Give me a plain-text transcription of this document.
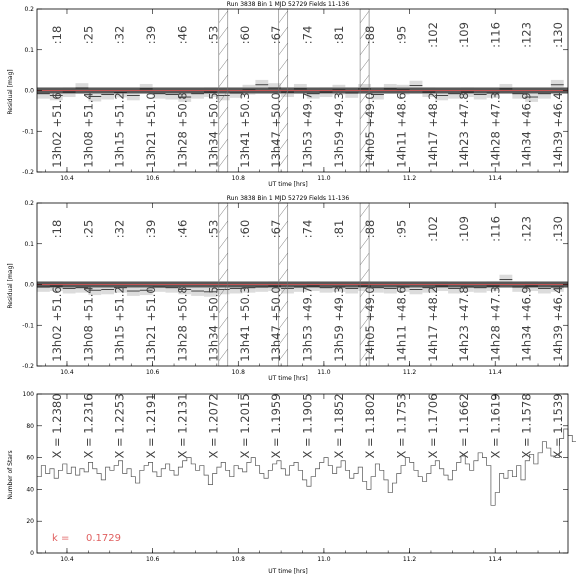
Run 3838 Bin 1 MJD 52729 Fields 11-136
UT time [hrs]
Residual [mag]
:18
13h02 +51.6
:25
13h08 +51.4
:32
13h15 +51.2
:39
13h21 +51.0
:46
13h28 +50.8
:53
13h34 +50.5
:60
13h41 +50.3
:67
13h47 +50.0
:74
13h53 +49.7
:81
13h59 +49.3
:88
14h05 +49.0
:95
14h11 +48.6
:102
14h17 +48.2
:109
14h23 +47.8
:116
14h28 +47.3
:123
14h34 +46.9
:130
14h39 +46.4
10.4	10.6	10.8	11.0	11.2	11.4
-0.2
-0.1
0.0
0.1
0.2
Run 3838 Bin 1 MJD 52729 Fields 11-136
UT time [hrs]
Residual [mag]
:18
13h02 +51.6
:25
13h08 +51.4
:32
13h15 +51.2
:39
13h21 +51.0
:46
13h28 +50.8
:53
13h34 +50.5
:60
13h41 +50.3
:67
13h47 +50.0
:74
13h53 +49.7
:81
13h59 +49.3
:88
14h05 +49.0
:95
14h11 +48.6
:102
14h17 +48.2
:109
14h23 +47.8
:116
14h28 +47.3
:123
14h34 +46.9
:130
14h39 +46.4
10.4	10.6	10.8	11.0	11.2	11.4
-0.2
-0.1
0.0
0.1
0.2
UT time [hrs]
Number of Stars
k = 0.1729
X = 1.2380 X = 1.2316 X = 1.2253 X = 1.2191 X = 1.2131 X = 1.2072 X = 1.2015 X = 1.1959 X = 1.1905 X = 1.1852 X = 1.1802 X = 1.1753 X = 1.1706 X = 1.1662 X = 1.1619 X = 1.1578 X = 1.1539
10.4	10.6	10.8	11.0	11.2	11.4
0
20
40
60
80
100
